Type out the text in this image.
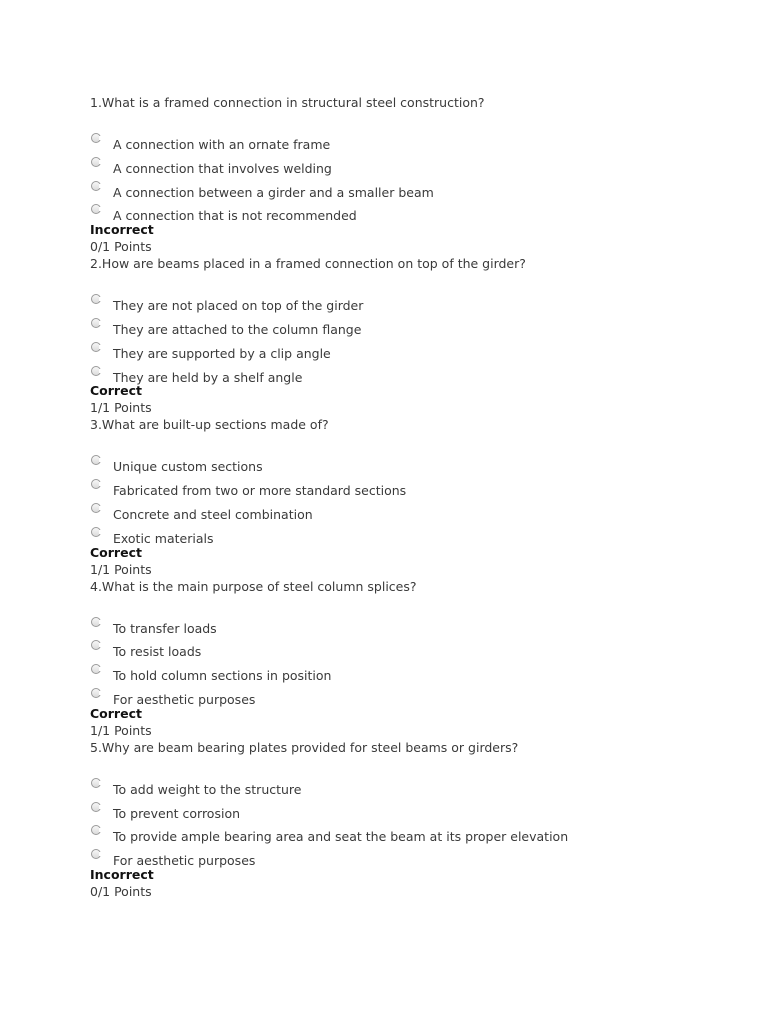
1.What is a framed connection in structural steel construction?
A connection with an ornate frame
A connection that involves welding
A connection between a girder and a smaller beam
A connection that is not recommended
Incorrect
0/1 Points
2.How are beams placed in a framed connection on top of the girder?
They are not placed on top of the girder
They are attached to the column flange
They are supported by a clip angle
They are held by a shelf angle
Correct
1/1 Points
3.What are built-up sections made of?
Unique custom sections
Fabricated from two or more standard sections
Concrete and steel combination
Exotic materials
Correct
1/1 Points
4.What is the main purpose of steel column splices?
To transfer loads
To resist loads
To hold column sections in position
For aesthetic purposes
Correct
1/1 Points
5.Why are beam bearing plates provided for steel beams or girders?
To add weight to the structure
To prevent corrosion
To provide ample bearing area and seat the beam at its proper elevation
For aesthetic purposes
Incorrect
0/1 Points
